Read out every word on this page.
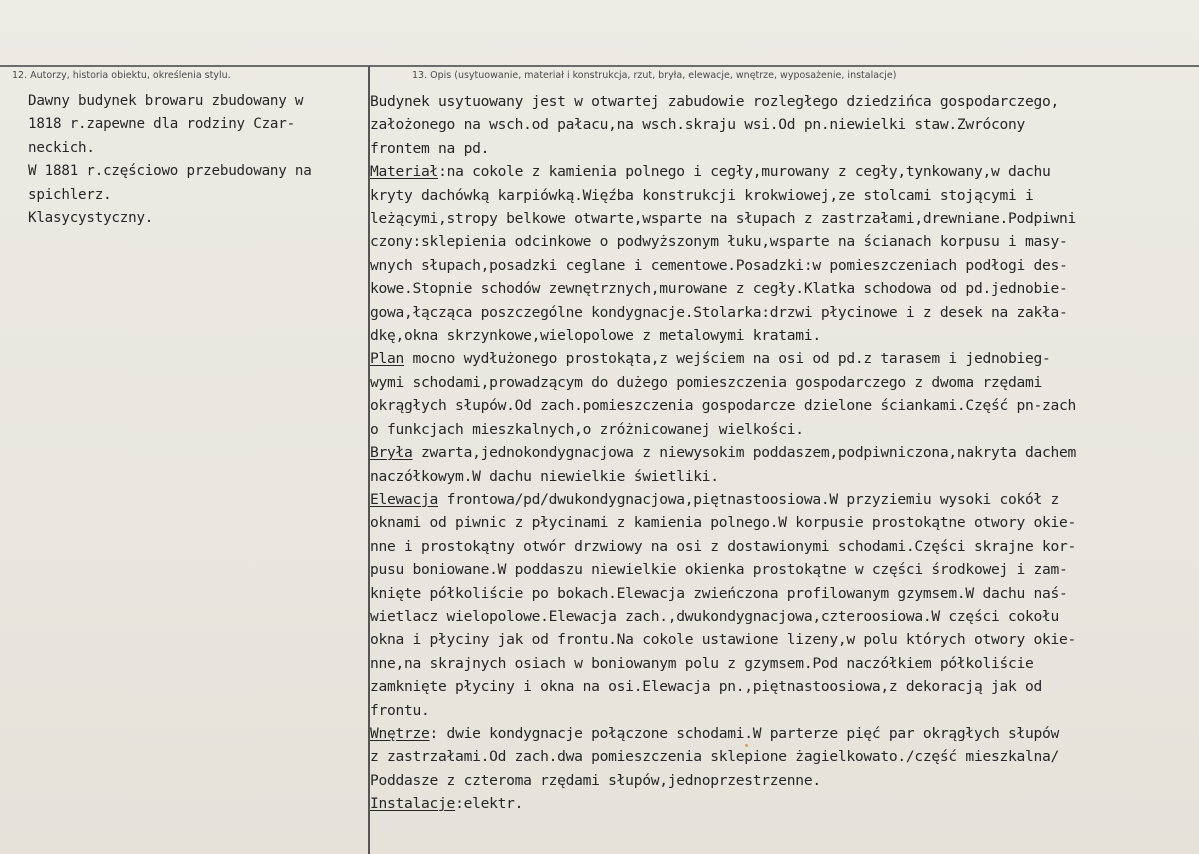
12. Autorzy, historia obiektu, określenia stylu.	13. Opis (usytuowanie, materiał i konstrukcja, rzut, bryła, elewacje, wnętrze, wyposażenie, instalacje)
Dawny budynek browaru zbudowany w
1818 r.zapewne dla rodziny Czar-
neckich.
W 1881 r.częściowo przebudowany na
spichlerz.
Klasycystyczny.
Budynek usytuowany jest w otwartej zabudowie rozległego dziedzińca gospodarczego,
założonego na wsch.od pałacu,na wsch.skraju wsi.Od pn.niewielki staw.Zwrócony
frontem na pd.
Materiał:na cokole z kamienia polnego i cegły,murowany z cegły,tynkowany,w dachu
kryty dachówką karpiówką.Więźba konstrukcji krokwiowej,ze stolcami stojącymi i
leżącymi,stropy belkowe otwarte,wsparte na słupach z zastrzałami,drewniane.Podpiwni
czony:sklepienia odcinkowe o podwyższonym łuku,wsparte na ścianach korpusu i masy-
wnych słupach,posadzki ceglane i cementowe.Posadzki:w pomieszczeniach podłogi des-
kowe.Stopnie schodów zewnętrznych,murowane z cegły.Klatka schodowa od pd.jednobie-
gowa,łącząca poszczególne kondygnacje.Stolarka:drzwi płycinowe i z desek na zakła-
dkę,okna skrzynkowe,wielopolowe z metalowymi kratami.
Plan mocno wydłużonego prostokąta,z wejściem na osi od pd.z tarasem i jednobieg-
wymi schodami,prowadzącym do dużego pomieszczenia gospodarczego z dwoma rzędami
okrągłych słupów.Od zach.pomieszczenia gospodarcze dzielone ściankami.Część pn-zach
o funkcjach mieszkalnych,o zróżnicowanej wielkości.
Bryła zwarta,jednokondygnacjowa z niewysokim poddaszem,podpiwniczona,nakryta dachem
naczółkowym.W dachu niewielkie świetliki.
Elewacja frontowa/pd/dwukondygnacjowa,piętnastoosiowa.W przyziemiu wysoki cokół z
oknami od piwnic z płycinami z kamienia polnego.W korpusie prostokątne otwory okie-
nne i prostokątny otwór drzwiowy na osi z dostawionymi schodami.Części skrajne kor-
pusu boniowane.W poddaszu niewielkie okienka prostokątne w części środkowej i zam-
knięte półkoliście po bokach.Elewacja zwieńczona profilowanym gzymsem.W dachu naś-
wietlacz wielopolowe.Elewacja zach.,dwukondygnacjowa,czteroosiowa.W części cokołu
okna i płyciny jak od frontu.Na cokole ustawione lizeny,w polu których otwory okie-
nne,na skrajnych osiach w boniowanym polu z gzymsem.Pod naczółkiem półkoliście
zamknięte płyciny i okna na osi.Elewacja pn.,piętnastoosiowa,z dekoracją jak od
frontu.
Wnętrze: dwie kondygnacje połączone schodami.W parterze pięć par okrągłych słupów
z zastrzałami.Od zach.dwa pomieszczenia sklepione żagielkowato./część mieszkalna/
Poddasze z czteroma rzędami słupów,jednoprzestrzenne.
Instalacje:elektr.
